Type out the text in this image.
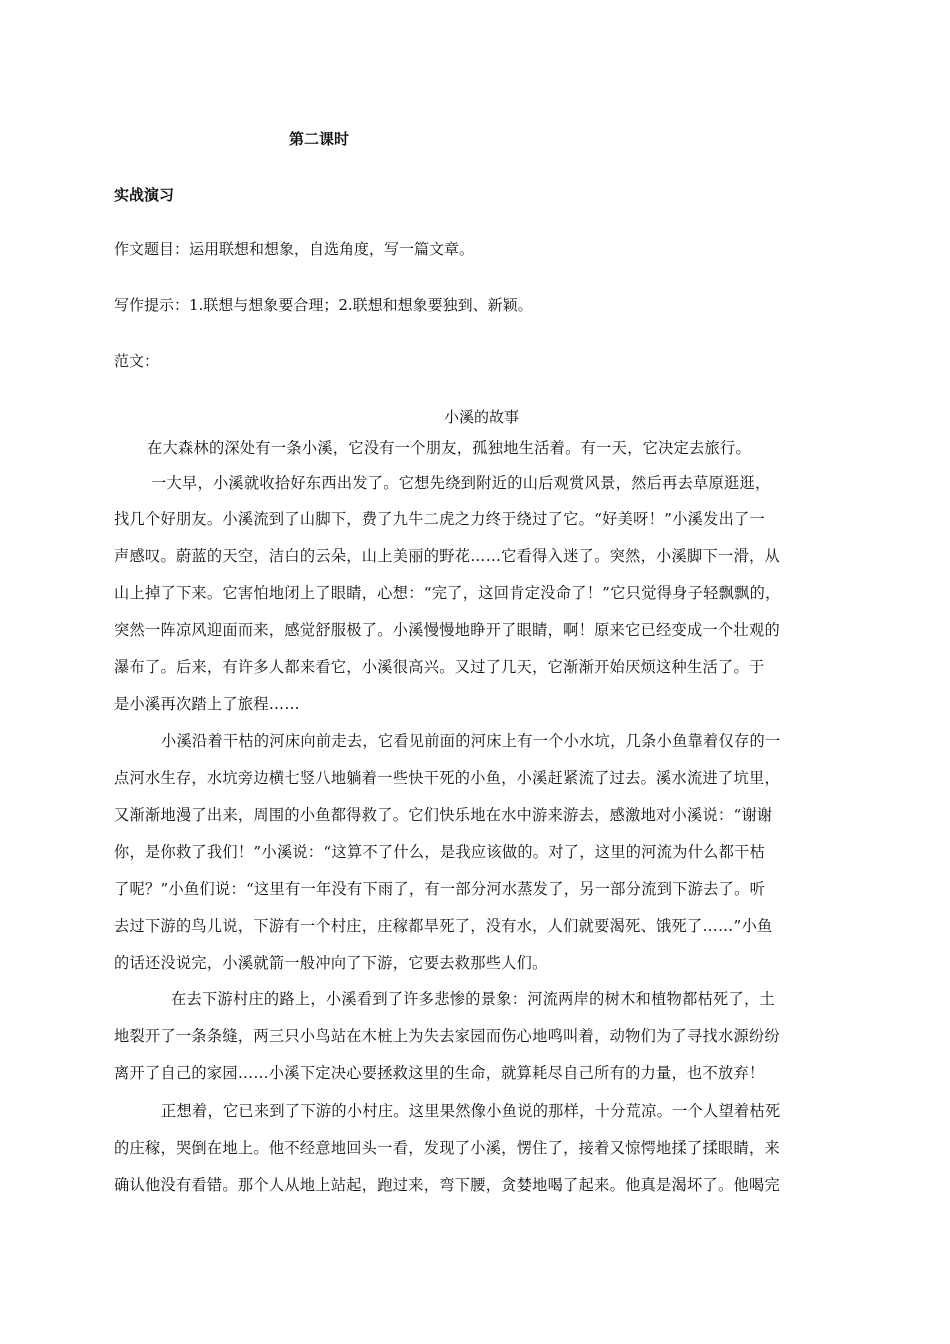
第二课时
实战演习
作文题目：运用联想和想象，自选角度，写一篇文章。
写作提示：1.联想与想象要合理；2.联想和想象要独到、新颖。
范文：
小溪的故事
在大森林的深处有一条小溪，它没有一个朋友，孤独地生活着。有一天，它决定去旅行。
一大早，小溪就收拾好东西出发了。它想先绕到附近的山后观赏风景，然后再去草原逛逛，
找几个好朋友。小溪流到了山脚下，费了九牛二虎之力终于绕过了它。“好美呀！”小溪发出了一
声感叹。蔚蓝的天空，洁白的云朵，山上美丽的野花……它看得入迷了。突然，小溪脚下一滑，从
山上掉了下来。它害怕地闭上了眼睛，心想：“完了，这回肯定没命了！”它只觉得身子轻飘飘的，
突然一阵凉风迎面而来，感觉舒服极了。小溪慢慢地睁开了眼睛，啊！原来它已经变成一个壮观的
瀑布了。后来，有许多人都来看它，小溪很高兴。又过了几天，它渐渐开始厌烦这种生活了。于
是小溪再次踏上了旅程……
小溪沿着干枯的河床向前走去，它看见前面的河床上有一个小水坑，几条小鱼靠着仅存的一
点河水生存，水坑旁边横七竖八地躺着一些快干死的小鱼，小溪赶紧流了过去。溪水流进了坑里，
又渐渐地漫了出来，周围的小鱼都得救了。它们快乐地在水中游来游去，感激地对小溪说：“谢谢
你，是你救了我们！”小溪说：“这算不了什么，是我应该做的。对了，这里的河流为什么都干枯
了呢？”小鱼们说：“这里有一年没有下雨了，有一部分河水蒸发了，另一部分流到下游去了。听
去过下游的鸟儿说，下游有一个村庄，庄稼都旱死了，没有水，人们就要渴死、饿死了……”小鱼
的话还没说完，小溪就箭一般冲向了下游，它要去救那些人们。
在去下游村庄的路上，小溪看到了许多悲惨的景象：河流两岸的树木和植物都枯死了，土
地裂开了一条条缝，两三只小鸟站在木桩上为失去家园而伤心地鸣叫着，动物们为了寻找水源纷纷
离开了自己的家园……小溪下定决心要拯救这里的生命，就算耗尽自己所有的力量，也不放弃！
正想着，它已来到了下游的小村庄。这里果然像小鱼说的那样，十分荒凉。一个人望着枯死
的庄稼，哭倒在地上。他不经意地回头一看，发现了小溪，愣住了，接着又惊愕地揉了揉眼睛，来
确认他没有看错。那个人从地上站起，跑过来，弯下腰，贪婪地喝了起来。他真是渴坏了。他喝完
